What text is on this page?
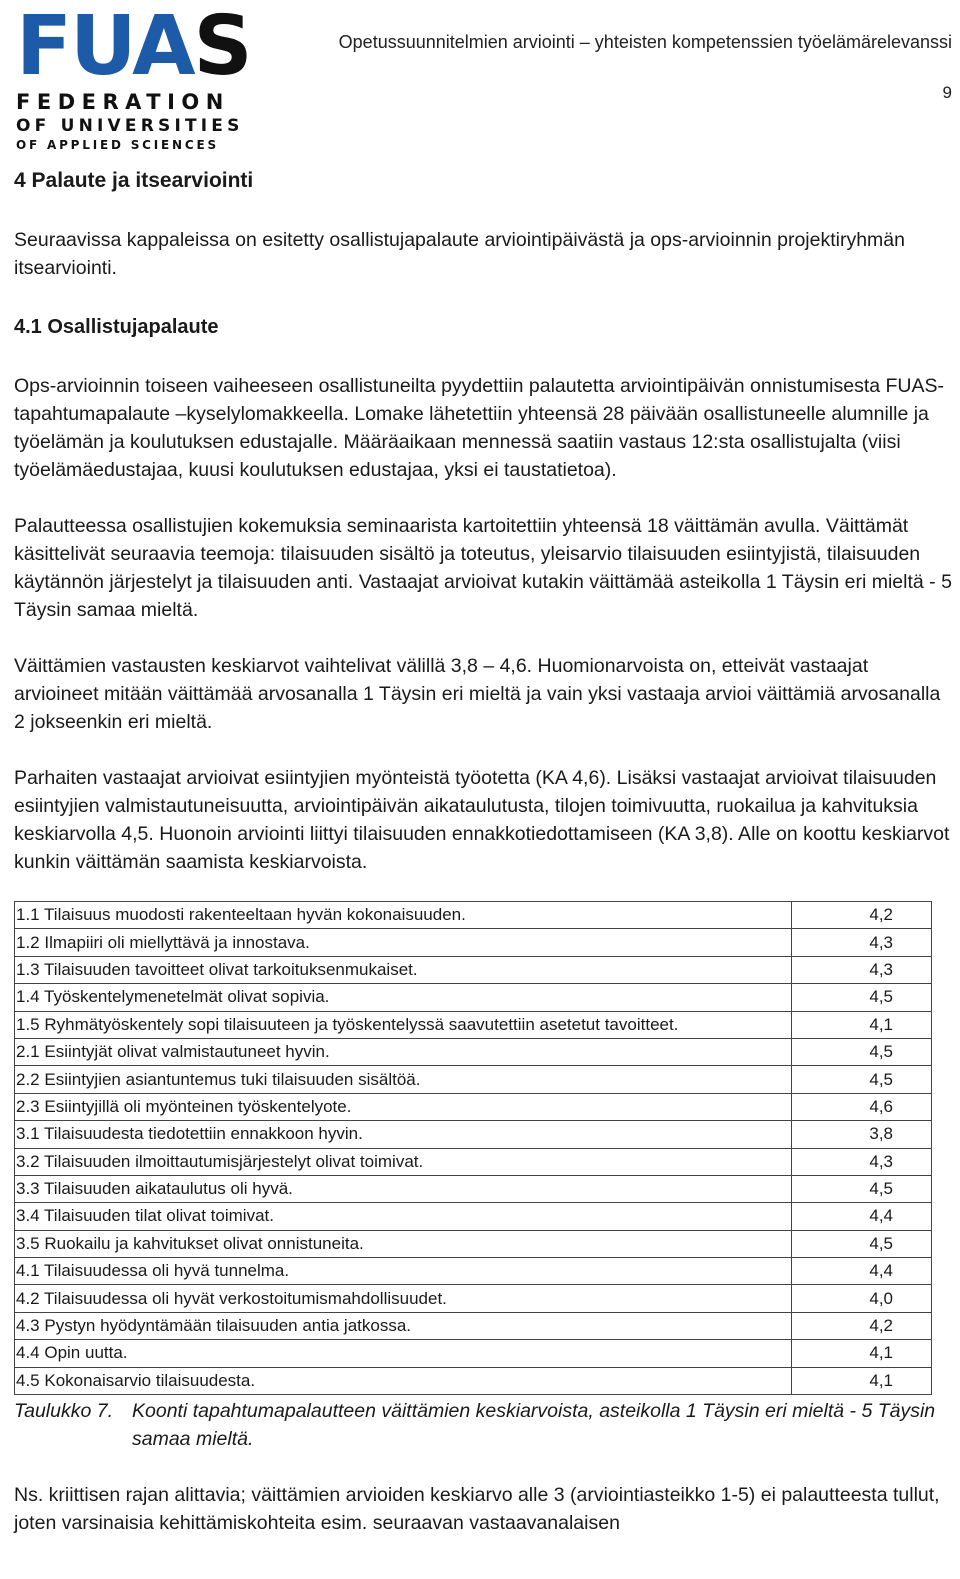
FUAS
FEDERATION
OF UNIVERSITIES
OF APPLIED SCIENCES
Opetussuunnitelmien arviointi – yhteisten kompetenssien työelämärelevanssi
9
4 Palaute ja itsearviointi

Seuraavissa kappaleissa on esitetty osallistujapalaute arviointipäivästä ja ops-arvioinnin projektiryhmän itsearviointi.

4.1 Osallistujapalaute

Ops-arvioinnin toiseen vaiheeseen osallistuneilta pyydettiin palautetta arviointipäivän onnistumisesta FUAS-tapahtumapalaute –kyselylomakkeella. Lomake lähetettiin yhteensä 28 päivään osallistuneelle alumnille ja työelämän ja koulutuksen edustajalle. Määräaikaan mennessä saatiin vastaus 12:sta osallistujalta (viisi työelämäedustajaa, kuusi koulutuksen edustajaa, yksi ei taustatietoa).

Palautteessa osallistujien kokemuksia seminaarista kartoitettiin yhteensä 18 väittämän avulla. Väittämät käsittelivät seuraavia teemoja: tilaisuuden sisältö ja toteutus, yleisarvio tilaisuuden esiintyjistä, tilaisuuden käytännön järjestelyt ja tilaisuuden anti. Vastaajat arvioivat kutakin väittämää asteikolla 1 Täysin eri mieltä - 5 Täysin samaa mieltä.

Väittämien vastausten keskiarvot vaihtelivat välillä 3,8 – 4,6. Huomionarvoista on, etteivät vastaajat arvioineet mitään väittämää arvosanalla 1 Täysin eri mieltä ja vain yksi vastaaja arvioi väittämiä arvosanalla 2 jokseenkin eri mieltä.

Parhaiten vastaajat arvioivat esiintyjien myönteistä työotetta (KA 4,6). Lisäksi vastaajat arvioivat tilaisuuden esiintyjien valmistautuneisuutta, arviointipäivän aikataulutusta, tilojen toimivuutta, ruokailua ja kahvituksia keskiarvolla 4,5. Huonoin arviointi liittyi tilaisuuden ennakkotiedottamiseen (KA 3,8). Alle on koottu keskiarvot kunkin väittämän saamista keskiarvoista.

1.1 Tilaisuus muodosti rakenteeltaan hyvän kokonaisuuden.	4,2
1.2 Ilmapiiri oli miellyttävä ja innostava.	4,3
1.3 Tilaisuuden tavoitteet olivat tarkoituksenmukaiset.	4,3
1.4 Työskentelymenetelmät olivat sopivia.	4,5
1.5 Ryhmätyöskentely sopi tilaisuuteen ja työskentelyssä saavutettiin asetetut tavoitteet.	4,1
2.1 Esiintyjät olivat valmistautuneet hyvin.	4,5
2.2 Esiintyjien asiantuntemus tuki tilaisuuden sisältöä.	4,5
2.3 Esiintyjillä oli myönteinen työskentelyote.	4,6
3.1 Tilaisuudesta tiedotettiin ennakkoon hyvin.	3,8
3.2 Tilaisuuden ilmoittautumisjärjestelyt olivat toimivat.	4,3
3.3 Tilaisuuden aikataulutus oli hyvä.	4,5
3.4 Tilaisuuden tilat olivat toimivat.	4,4
3.5 Ruokailu ja kahvitukset olivat onnistuneita.	4,5
4.1 Tilaisuudessa oli hyvä tunnelma.	4,4
4.2 Tilaisuudessa oli hyvät verkostoitumismahdollisuudet.	4,0
4.3 Pystyn hyödyntämään tilaisuuden antia jatkossa.	4,2
4.4 Opin uutta.	4,1
4.5 Kokonaisarvio tilaisuudesta.	4,1
Taulukko 7. Koonti tapahtumapalautteen väittämien keskiarvoista, asteikolla 1 Täysin eri mieltä - 5 Täysin samaa mieltä.

Ns. kriittisen rajan alittavia; väittämien arvioiden keskiarvo alle 3 (arviointiasteikko 1-5) ei palautteesta tullut, joten varsinaisia kehittämiskohteita esim. seuraavan vastaavanalaisen
